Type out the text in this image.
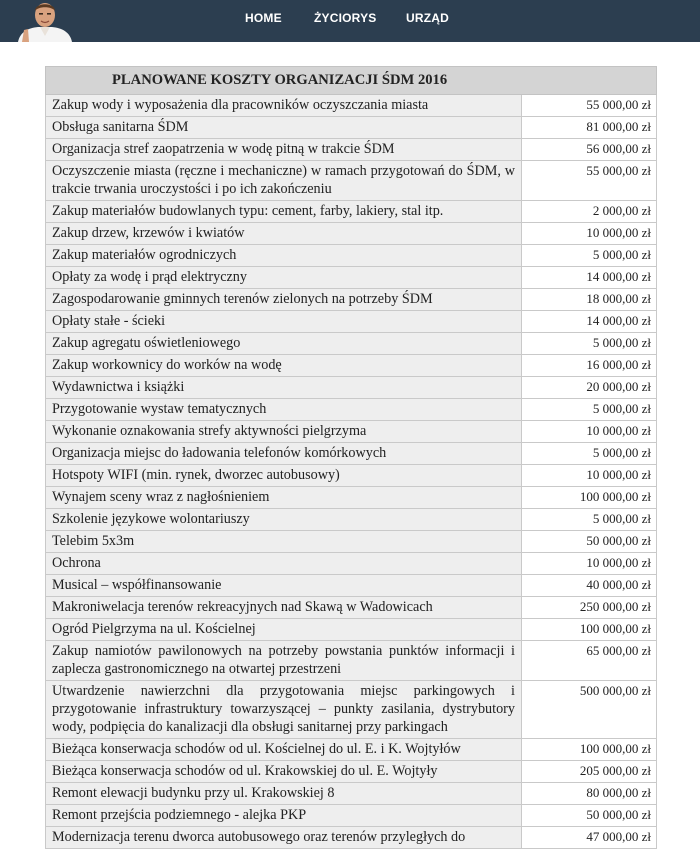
HOME	ŻYCIORYS URZĄD
PLANOWANE KOSZTY ORGANIZACJI ŚDM 2016	
Zakup wody i wyposażenia dla pracowników oczyszczania miasta	55 000,00 zł
Obsługa sanitarna ŚDM	81 000,00 zł
Organizacja stref zaopatrzenia w wodę pitną w trakcie ŚDM	56 000,00 zł
Oczyszczenie miasta (ręczne i mechaniczne) w ramach przygotowań do ŚDM, w trakcie trwania uroczystości i po ich zakończeniu	55 000,00 zł
Zakup materiałów budowlanych typu: cement, farby, lakiery, stal itp.	2 000,00 zł
Zakup drzew, krzewów i kwiatów	10 000,00 zł
Zakup materiałów ogrodniczych	5 000,00 zł
Opłaty za wodę i prąd elektryczny	14 000,00 zł
Zagospodarowanie gminnych terenów zielonych na potrzeby ŚDM	18 000,00 zł
Opłaty stałe - ścieki	14 000,00 zł
Zakup agregatu oświetleniowego	5 000,00 zł
Zakup workownicy do worków na wodę	16 000,00 zł
Wydawnictwa i książki	20 000,00 zł
Przygotowanie wystaw tematycznych	5 000,00 zł
Wykonanie oznakowania strefy aktywności pielgrzyma	10 000,00 zł
Organizacja miejsc do ładowania telefonów komórkowych	5 000,00 zł
Hotspoty WIFI (min. rynek, dworzec autobusowy)	10 000,00 zł
Wynajem sceny wraz z nagłośnieniem	100 000,00 zł
Szkolenie językowe wolontariuszy	5 000,00 zł
Telebim 5x3m	50 000,00 zł
Ochrona	10 000,00 zł
Musical – współfinansowanie	40 000,00 zł
Makroniwelacja terenów rekreacyjnych nad Skawą w Wadowicach	250 000,00 zł
Ogród Pielgrzyma na ul. Kościelnej	100 000,00 zł
Zakup namiotów pawilonowych na potrzeby powstania punktów informacji i zaplecza gastronomicznego na otwartej przestrzeni	65 000,00 zł
Utwardzenie nawierzchni dla przygotowania miejsc parkingowych i przygotowanie infrastruktury towarzyszącej – punkty zasilania, dystrybutory wody, podpięcia do kanalizacji dla obsługi sanitarnej przy parkingach	500 000,00 zł
Bieżąca konserwacja schodów od ul. Kościelnej do ul. E. i K. Wojtyłów	100 000,00 zł
Bieżąca konserwacja schodów od ul. Krakowskiej do ul. E. Wojtyły	205 000,00 zł
Remont elewacji budynku przy ul. Krakowskiej 8	80 000,00 zł
Remont przejścia podziemnego - alejka PKP	50 000,00 zł
Modernizacja terenu dworca autobusowego oraz terenów przyległych do	47 000,00 zł
